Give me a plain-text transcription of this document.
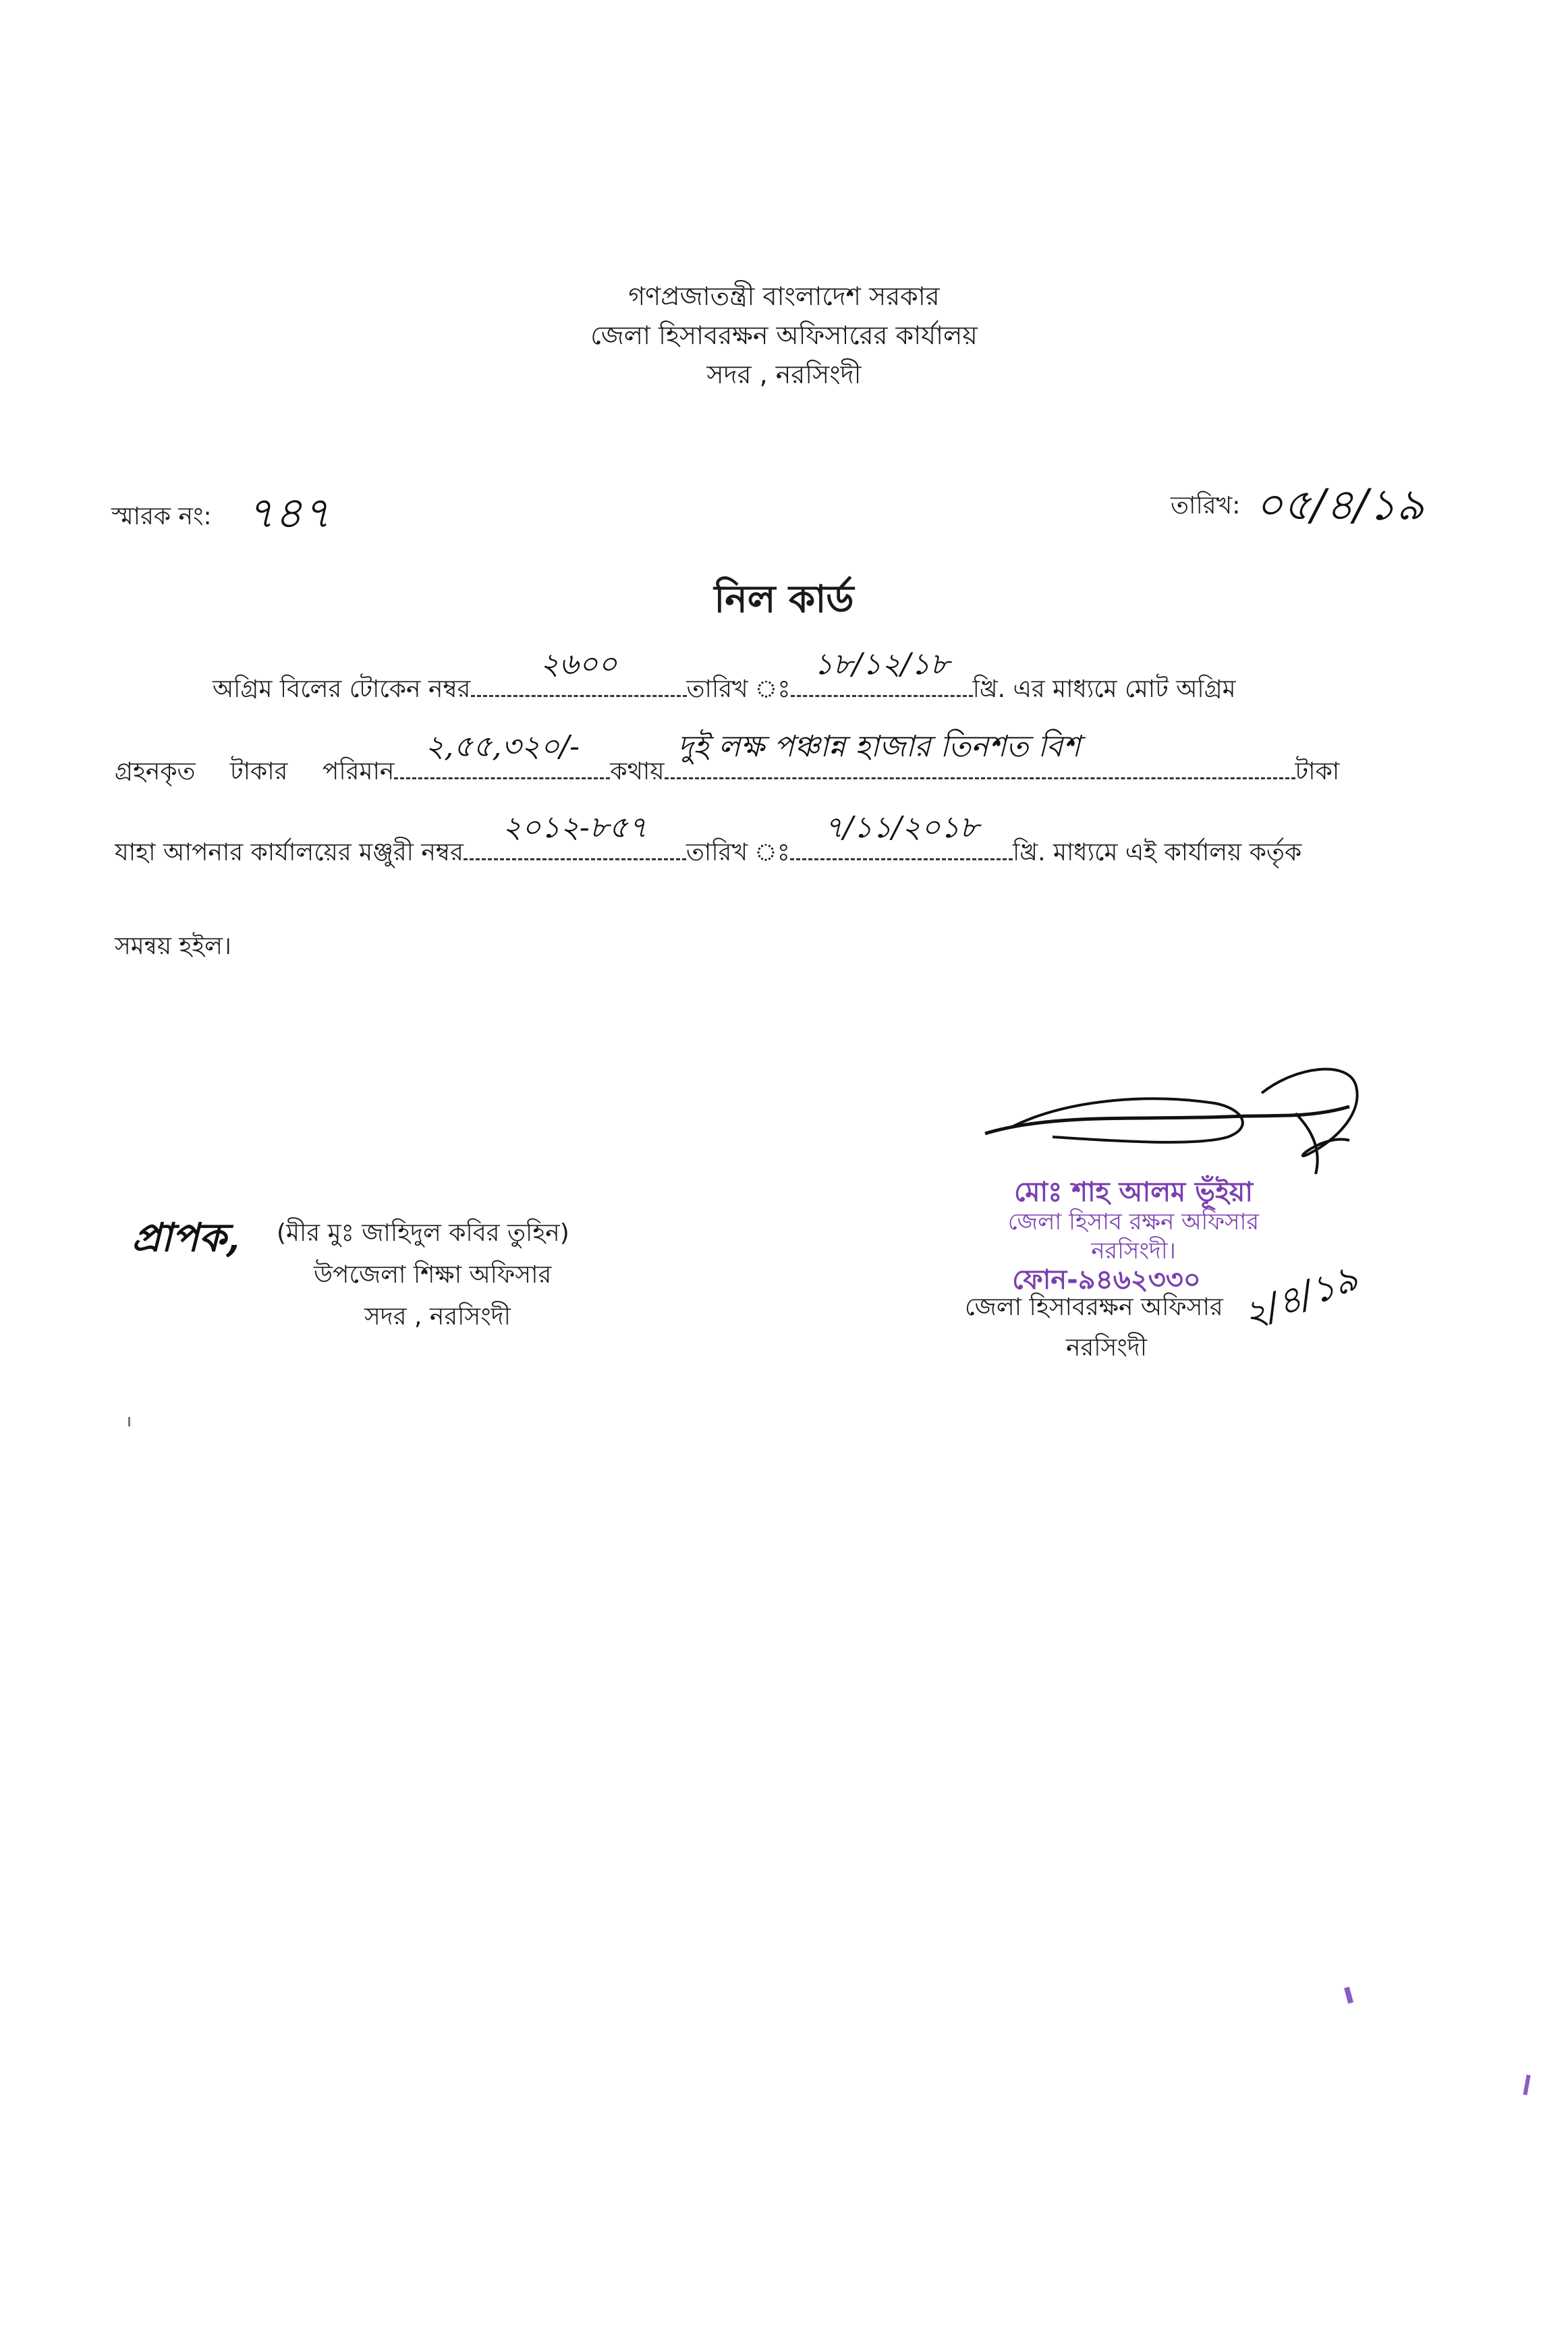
গণপ্রজাতন্ত্রী বাংলাদেশ সরকার
জেলা হিসাবরক্ষন অফিসারের কার্যালয়
সদর , নরসিংদী
স্মারক নং: ৭৪৭	তারিখ: ০৫/৪/১৯
নিল কার্ড
অগ্রিম বিলের টোকেন নম্বর
২৬০০
তারিখ ঃ
১৮/১২/১৮
খ্রি. এর মাধ্যমে মোট অগ্রিম
গ্রহনকৃত টাকার পরিমান
২,৫৫,৩২০/-
কথায়
দুই লক্ষ পঞ্চান্ন হাজার তিনশত বিশ
টাকা
যাহা আপনার কার্যালয়ের মঞ্জুরী নম্বর
২০১২-৮৫৭
তারিখ ঃ
৭/১১/২০১৮
খ্রি. মাধ্যমে এই কার্যালয় কর্তৃক
সমন্বয় হইল।
মোঃ শাহ আলম ভূঁইয়া
জেলা হিসাব রক্ষন অফিসার
নরসিংদী।
ফোন-৯৪৬২৩৩০
জেলা হিসাবরক্ষন অফিসার
নরসিংদী
২/৪/১৯
প্রাপক, (মীর মুঃ জাহিদুল কবির তুহিন)
উপজেলা শিক্ষা অফিসার
সদর , নরসিংদী
